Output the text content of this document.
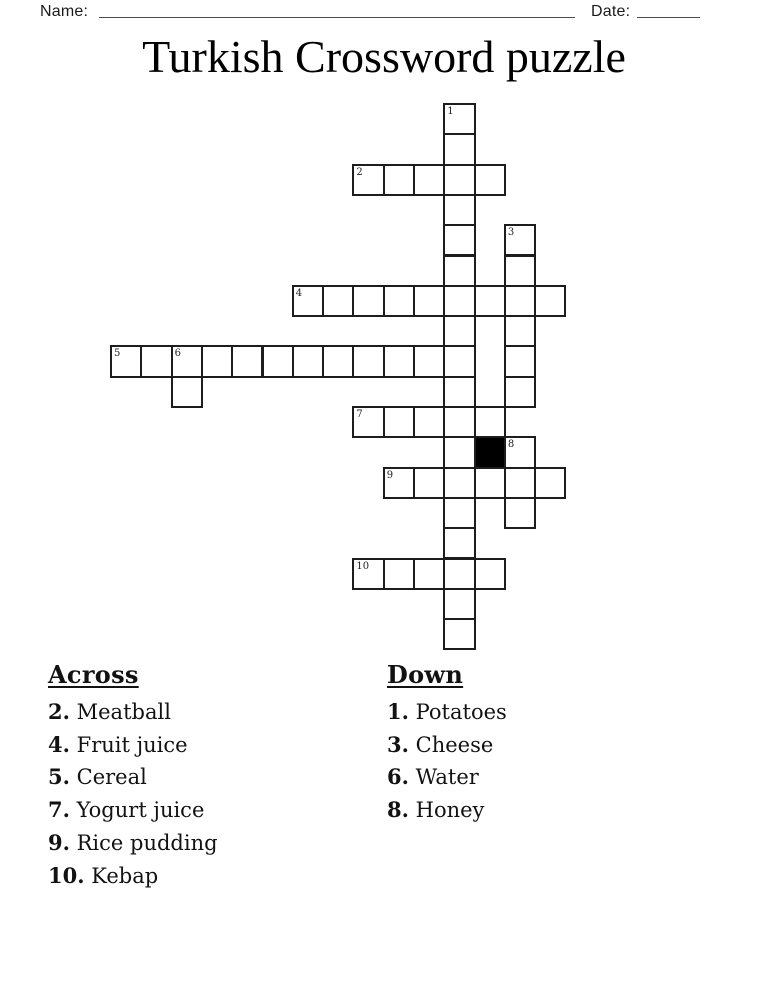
Name:	Date:
Turkish Crossword puzzle
1
2
3
4
5	6
7
8
9
10
Across
2. Meatball
4. Fruit juice
5. Cereal
7. Yogurt juice
9. Rice pudding
10. Kebap
Down
1. Potatoes
3. Cheese
6. Water
8. Honey
